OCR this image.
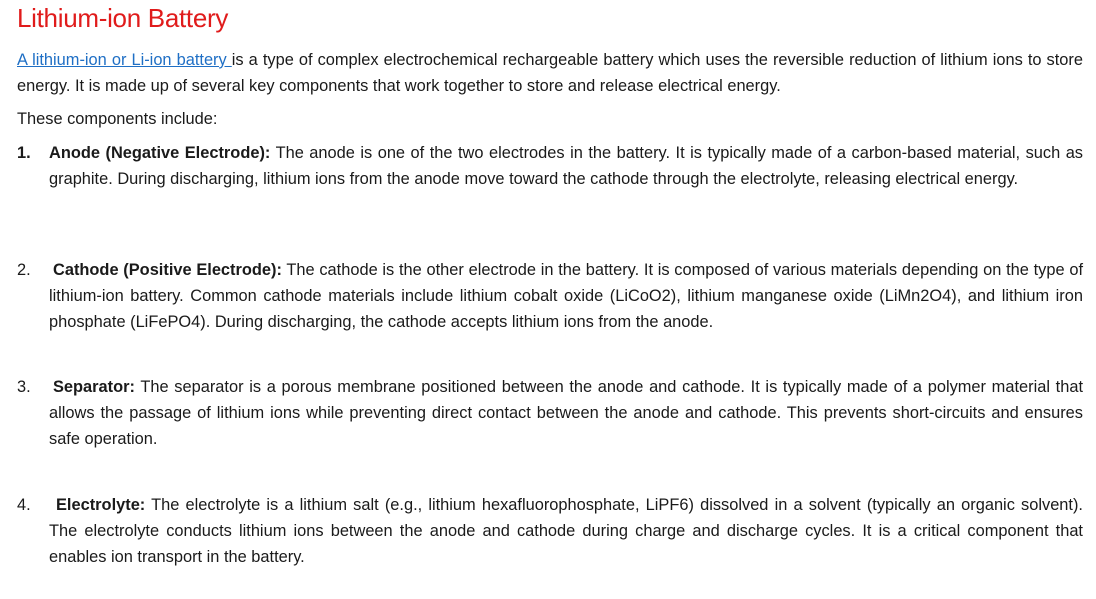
Lithium-ion Battery

A lithium-ion or Li-ion battery is a type of complex electrochemical rechargeable battery which uses the reversible reduction of lithium ions to store energy. It is made up of several key components that work together to store and release electrical energy.

These components include:

1. Anode (Negative Electrode): The anode is one of the two electrodes in the battery. It is typically made of a carbon-based material, such as graphite. During discharging, lithium ions from the anode move toward the cathode through the electrolyte, releasing electrical energy.
2. Cathode (Positive Electrode): The cathode is the other electrode in the battery. It is composed of various materials depending on the type of lithium-ion battery. Common cathode materials include lithium cobalt oxide (LiCoO2), lithium manganese oxide (LiMn2O4), and lithium iron phosphate (LiFePO4). During discharging, the cathode accepts lithium ions from the anode.
3. Separator: The separator is a porous membrane positioned between the anode and cathode. It is typically made of a polymer material that allows the passage of lithium ions while preventing direct contact between the anode and cathode. This prevents short-circuits and ensures safe operation.
4.	Electrolyte: The electrolyte is a lithium salt (e.g., lithium hexafluorophosphate, LiPF6) dissolved in a solvent (typically an organic solvent). The electrolyte conducts lithium ions between the anode and cathode during charge and discharge cycles. It is a critical component that enables ion transport in the battery.
